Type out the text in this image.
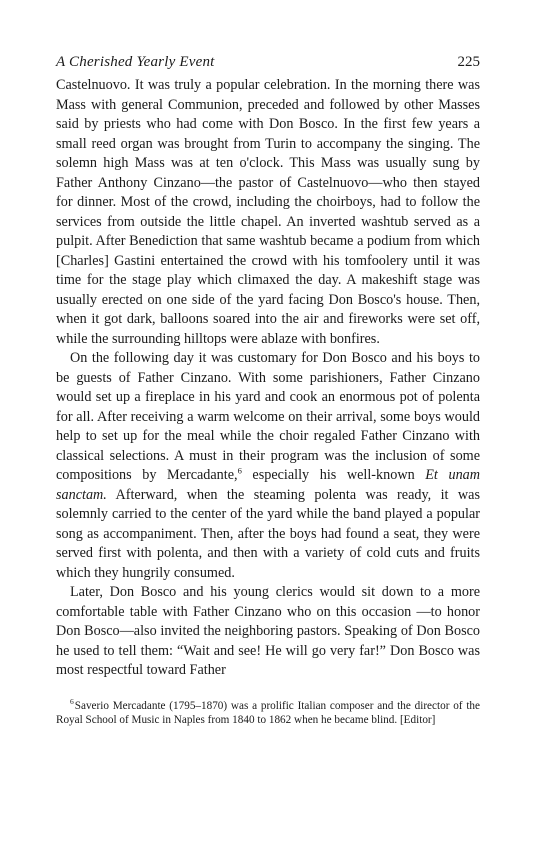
A Cherished Yearly Event	225

Castelnuovo. It was truly a popular celebration. In the morning there was Mass with general Communion, preceded and followed by other Masses said by priests who had come with Don Bosco. In the first few years a small reed organ was brought from Turin to accompany the singing. The solemn high Mass was at ten o'clock. This Mass was usually sung by Father Anthony Cinzano—the pastor of Castelnuovo—who then stayed for dinner. Most of the crowd, including the choirboys, had to follow the services from outside the little chapel. An inverted washtub served as a pulpit. After Benediction that same washtub became a podium from which [Charles] Gastini entertained the crowd with his tomfoolery until it was time for the stage play which climaxed the day. A makeshift stage was usually erected on one side of the yard facing Don Bosco's house. Then, when it got dark, balloons soared into the air and fireworks were set off, while the surrounding hilltops were ablaze with bonfires.

On the following day it was customary for Don Bosco and his boys to be guests of Father Cinzano. With some parishioners, Father Cinzano would set up a fireplace in his yard and cook an enormous pot of polenta for all. After receiving a warm welcome on their arrival, some boys would help to set up for the meal while the choir regaled Father Cinzano with classical selections. A must in their program was the inclusion of some compositions by Mercadante,$^6$ especially his well-known Et unam sanctam. Afterward, when the steaming polenta was ready, it was solemnly carried to the center of the yard while the band played a popular song as accompaniment. Then, after the boys had found a seat, they were served first with polenta, and then with a variety of cold cuts and fruits which they hungrily consumed.

Later, Don Bosco and his young clerics would sit down to a more comfortable table with Father Cinzano who on this occasion —to honor Don Bosco—also invited the neighboring pastors. Speaking of Don Bosco he used to tell them: “Wait and see! He will go very far!” Don Bosco was most respectful toward Father

$^6$Saverio Mercadante (1795–1870) was a prolific Italian composer and the director of the Royal School of Music in Naples from 1840 to 1862 when he became blind. [Editor]
